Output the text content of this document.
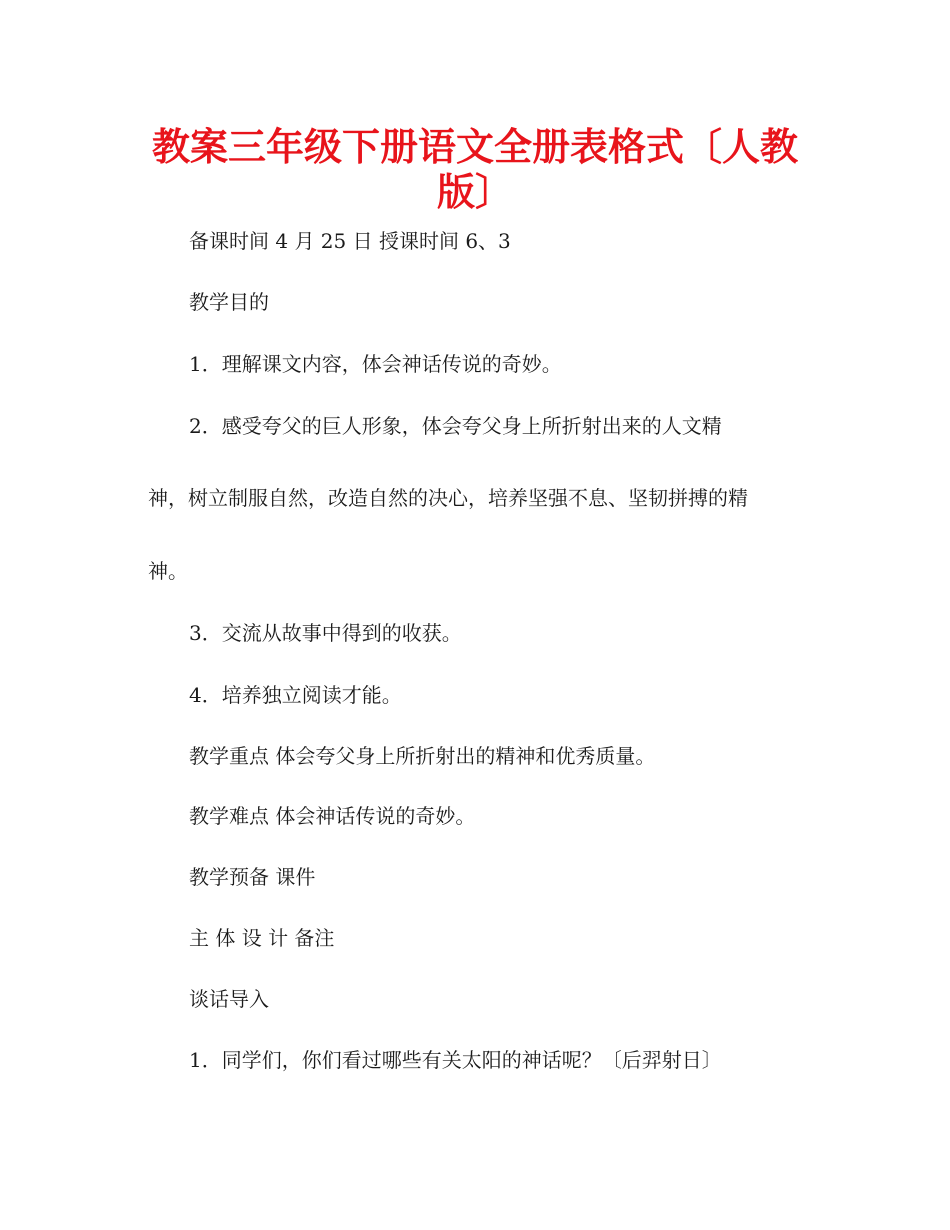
教案三年级下册语文全册表格式〔人教
版〕

备课时间 4 月 25 日 授课时间 6、3

教学目的

1．理解课文内容，体会神话传说的奇妙。

2．感受夸父的巨人形象，体会夸父身上所折射出来的人文精

神，树立制服自然，改造自然的决心，培养坚强不息、坚韧拼搏的精

神。

3．交流从故事中得到的收获。

4．培养独立阅读才能。

教学重点 体会夸父身上所折射出的精神和优秀质量。

教学难点 体会神话传说的奇妙。

教学预备 课件

主 体 设 计 备注

谈话导入

1．同学们，你们看过哪些有关太阳的神话呢？〔后羿射日〕
